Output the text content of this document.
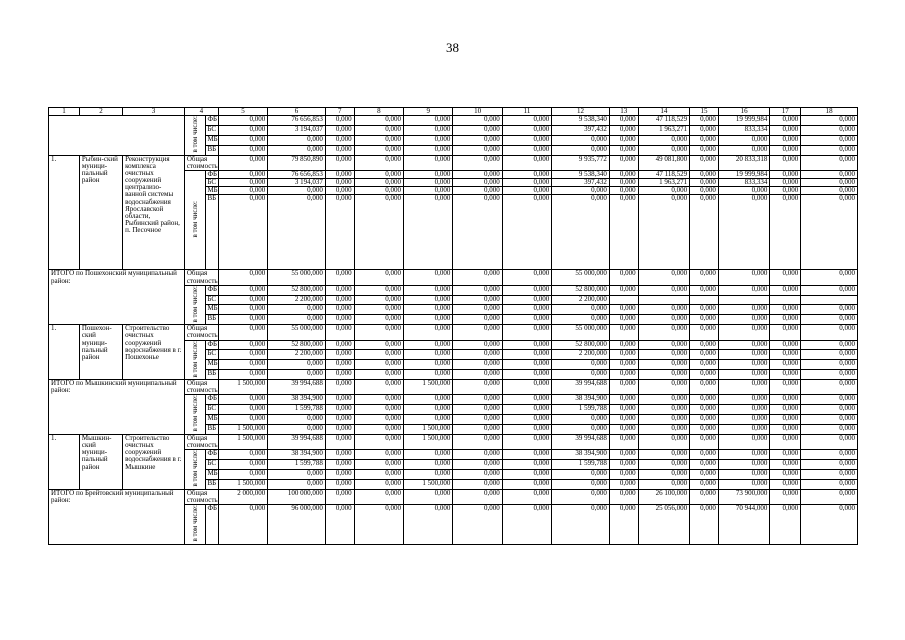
38
1	2	3	4		5	6	7	8	9	10	11	12	13	14	15	16	17	18
			в том числе:	ФБ	0,000	76 656,853	0,000	0,000	0,000	0,000	0,000	9 538,340	0,000	47 118,529	0,000	19 999,984	0,000	0,000
				БС	0,000	3 194,037	0,000	0,000	0,000	0,000	0,000	397,432	0,000	1 963,271	0,000	833,334	0,000	0,000
				МБ	0,000	0,000	0,000	0,000	0,000	0,000	0,000	0,000	0,000	0,000	0,000	0,000	0,000	0,000
				ВБ	0,000	0,000	0,000	0,000	0,000	0,000	0,000	0,000	0,000	0,000	0,000	0,000	0,000	0,000
1.	Рыбин-ский муници-пальный район	Реконструкция комплекса очистных сооружений централизо-ванной системы водоснабжения Ярославской области, Рыбинский район, п. Песочное	Общая стоимость		0,000	79 850,890	0,000	0,000	0,000	0,000	0,000	9 935,772	0,000	49 081,800	0,000	20 833,318	0,000	0,000
			в том числе:	ФБ	0,000	76 656,853	0,000	0,000	0,000	0,000	0,000	9 538,340	0,000	47 118,529	0,000	19 999,984	0,000	0,000
				БС	0,000	3 194,037	0,000	0,000	0,000	0,000	0,000	397,432	0,000	1 963,271	0,000	833,334	0,000	0,000
				МБ	0,000	0,000	0,000	0,000	0,000	0,000	0,000	0,000	0,000	0,000	0,000	0,000	0,000	0,000
				ВБ	0,000	0,000	0,000	0,000	0,000	0,000	0,000	0,000	0,000	0,000	0,000	0,000	0,000	0,000
ИТОГО по Пошехонский муниципальный район:			Общая стоимость		0,000	55 000,000	0,000	0,000	0,000	0,000	0,000	55 000,000	0,000	0,000	0,000	0,000	0,000	0,000
			в том числе:	ФБ	0,000	52 800,000	0,000	0,000	0,000	0,000	0,000	52 800,000	0,000	0,000	0,000	0,000	0,000	0,000
				БС	0,000	2 200,000	0,000	0,000	0,000	0,000	0,000	2 200,000						
				МБ	0,000	0,000	0,000	0,000	0,000	0,000	0,000	0,000	0,000	0,000	0,000	0,000	0,000	0,000
				ВБ	0,000	0,000	0,000	0,000	0,000	0,000	0,000	0,000	0,000	0,000	0,000	0,000	0,000	0,000
1.	Пошехон-ский муници-пальный район	Строительство очистных сооружений водоснабжения в г. Пошехонье	Общая стоимость		0,000	55 000,000	0,000	0,000	0,000	0,000	0,000	55 000,000	0,000	0,000	0,000	0,000	0,000	0,000
			в том числе:	ФБ	0,000	52 800,000	0,000	0,000	0,000	0,000	0,000	52 800,000	0,000	0,000	0,000	0,000	0,000	0,000
				БС	0,000	2 200,000	0,000	0,000	0,000	0,000	0,000	2 200,000	0,000	0,000	0,000	0,000	0,000	0,000
				МБ	0,000	0,000	0,000	0,000	0,000	0,000	0,000	0,000	0,000	0,000	0,000	0,000	0,000	0,000
				ВБ	0,000	0,000	0,000	0,000	0,000	0,000	0,000	0,000	0,000	0,000	0,000	0,000	0,000	0,000
ИТОГО по Мышкинский муниципальный район:			Общая стоимость		1 500,000	39 994,688	0,000	0,000	1 500,000	0,000	0,000	39 994,688	0,000	0,000	0,000	0,000	0,000	0,000
			в том числе:	ФБ	0,000	38 394,900	0,000	0,000	0,000	0,000	0,000	38 394,900	0,000	0,000	0,000	0,000	0,000	0,000
				БС	0,000	1 599,788	0,000	0,000	0,000	0,000	0,000	1 599,788	0,000	0,000	0,000	0,000	0,000	0,000
				МБ	0,000	0,000	0,000	0,000	0,000	0,000	0,000	0,000	0,000	0,000	0,000	0,000	0,000	0,000
				ВБ	1 500,000	0,000	0,000	0,000	1 500,000	0,000	0,000	0,000	0,000	0,000	0,000	0,000	0,000	0,000
1.	Мышкин-ский муници-пальный район	Строительство очистных сооружений водоснабжения в г. Мышкине	Общая стоимость		1 500,000	39 994,688	0,000	0,000	1 500,000	0,000	0,000	39 994,688	0,000	0,000	0,000	0,000	0,000	0,000
			в том числе:	ФБ	0,000	38 394,900	0,000	0,000	0,000	0,000	0,000	38 394,900	0,000	0,000	0,000	0,000	0,000	0,000
				БС	0,000	1 599,788	0,000	0,000	0,000	0,000	0,000	1 599,788	0,000	0,000	0,000	0,000	0,000	0,000
				МБ	0,000	0,000	0,000	0,000	0,000	0,000	0,000	0,000	0,000	0,000	0,000	0,000	0,000	0,000
				ВБ	1 500,000	0,000	0,000	0,000	1 500,000	0,000	0,000	0,000	0,000	0,000	0,000	0,000	0,000	0,000
ИТОГО по Брейтовский муниципальный район:			Общая стоимость		2 000,000	100 000,000	0,000	0,000	0,000	0,000	0,000	0,000	0,000	26 100,000	0,000	73 900,000	0,000	0,000
			в том числе:	ФБ	0,000	96 000,000	0,000	0,000	0,000	0,000	0,000	0,000	0,000	25 056,000	0,000	70 944,000	0,000	0,000
